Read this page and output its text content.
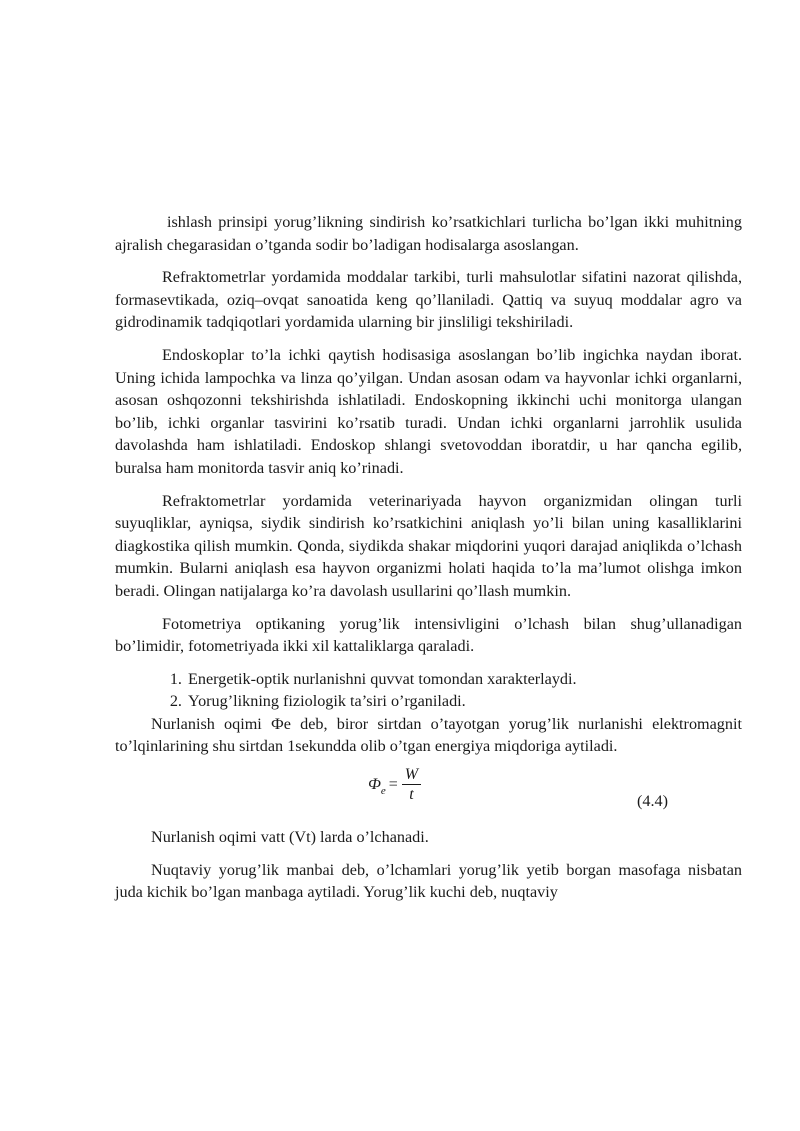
ishlash prinsipi yorug’likning sindirish ko’rsatkichlari turlicha bo’lgan ikki muhitning ajralish chegarasidan o’tganda sodir bo’ladigan hodisalarga asoslangan.

Refraktometrlar yordamida moddalar tarkibi, turli mahsulotlar sifatini nazorat qilishda, formasevtikada, oziq–ovqat sanoatida keng qo’llaniladi. Qattiq va suyuq moddalar agro va gidrodinamik tadqiqotlari yordamida ularning bir jinsliligi tekshiriladi.

Endoskoplar to’la ichki qaytish hodisasiga asoslangan bo’lib ingichka naydan iborat. Uning ichida lampochka va linza qo’yilgan. Undan asosan odam va hayvonlar ichki organlarni, asosan oshqozonni tekshirishda ishlatiladi. Endoskopning ikkinchi uchi monitorga ulangan bo’lib, ichki organlar tasvirini ko’rsatib turadi. Undan ichki organlarni jarrohlik usulida davolashda ham ishlatiladi. Endoskop shlangi svetovoddan iboratdir, u har qancha egilib, buralsa ham monitorda tasvir aniq ko’rinadi.

Refraktometrlar yordamida veterinariyada hayvon organizmidan olingan turli suyuqliklar, ayniqsa, siydik sindirish ko’rsatkichini aniqlash yo’li bilan uning kasalliklarini diagkostika qilish mumkin. Qonda, siydikda shakar miqdorini yuqori darajad aniqlikda o’lchash mumkin. Bularni aniqlash esa hayvon organizmi holati haqida to’la ma’lumot olishga imkon beradi. Olingan natijalarga ko’ra davolash usullarini qo’llash mumkin.

Fotometriya optikaning yorug’lik intensivligini o’lchash bilan shug’ullanadigan bo’limidir, fotometriyada ikki xil kattaliklarga qaraladi.

1. Energetik-optik nurlanishni quvvat tomondan xarakterlaydi.
2. Yorug’likning fiziologik ta’siri o’rganiladi.

Nurlanish oqimi Фe deb, biror sirtdan o’tayotgan yorug’lik nurlanishi elektromagnit to’lqinlarining shu sirtdan 1sekundda olib o’tgan energiya miqdoriga aytiladi.

Ф $e = \frac{W}{t}$	(4.4)

Nurlanish oqimi vatt (Vt) larda o’lchanadi.

Nuqtaviy yorug’lik manbai deb, o’lchamlari yorug’lik yetib borgan masofaga nisbatan juda kichik bo’lgan manbaga aytiladi. Yorug’lik kuchi deb, nuqtaviy
